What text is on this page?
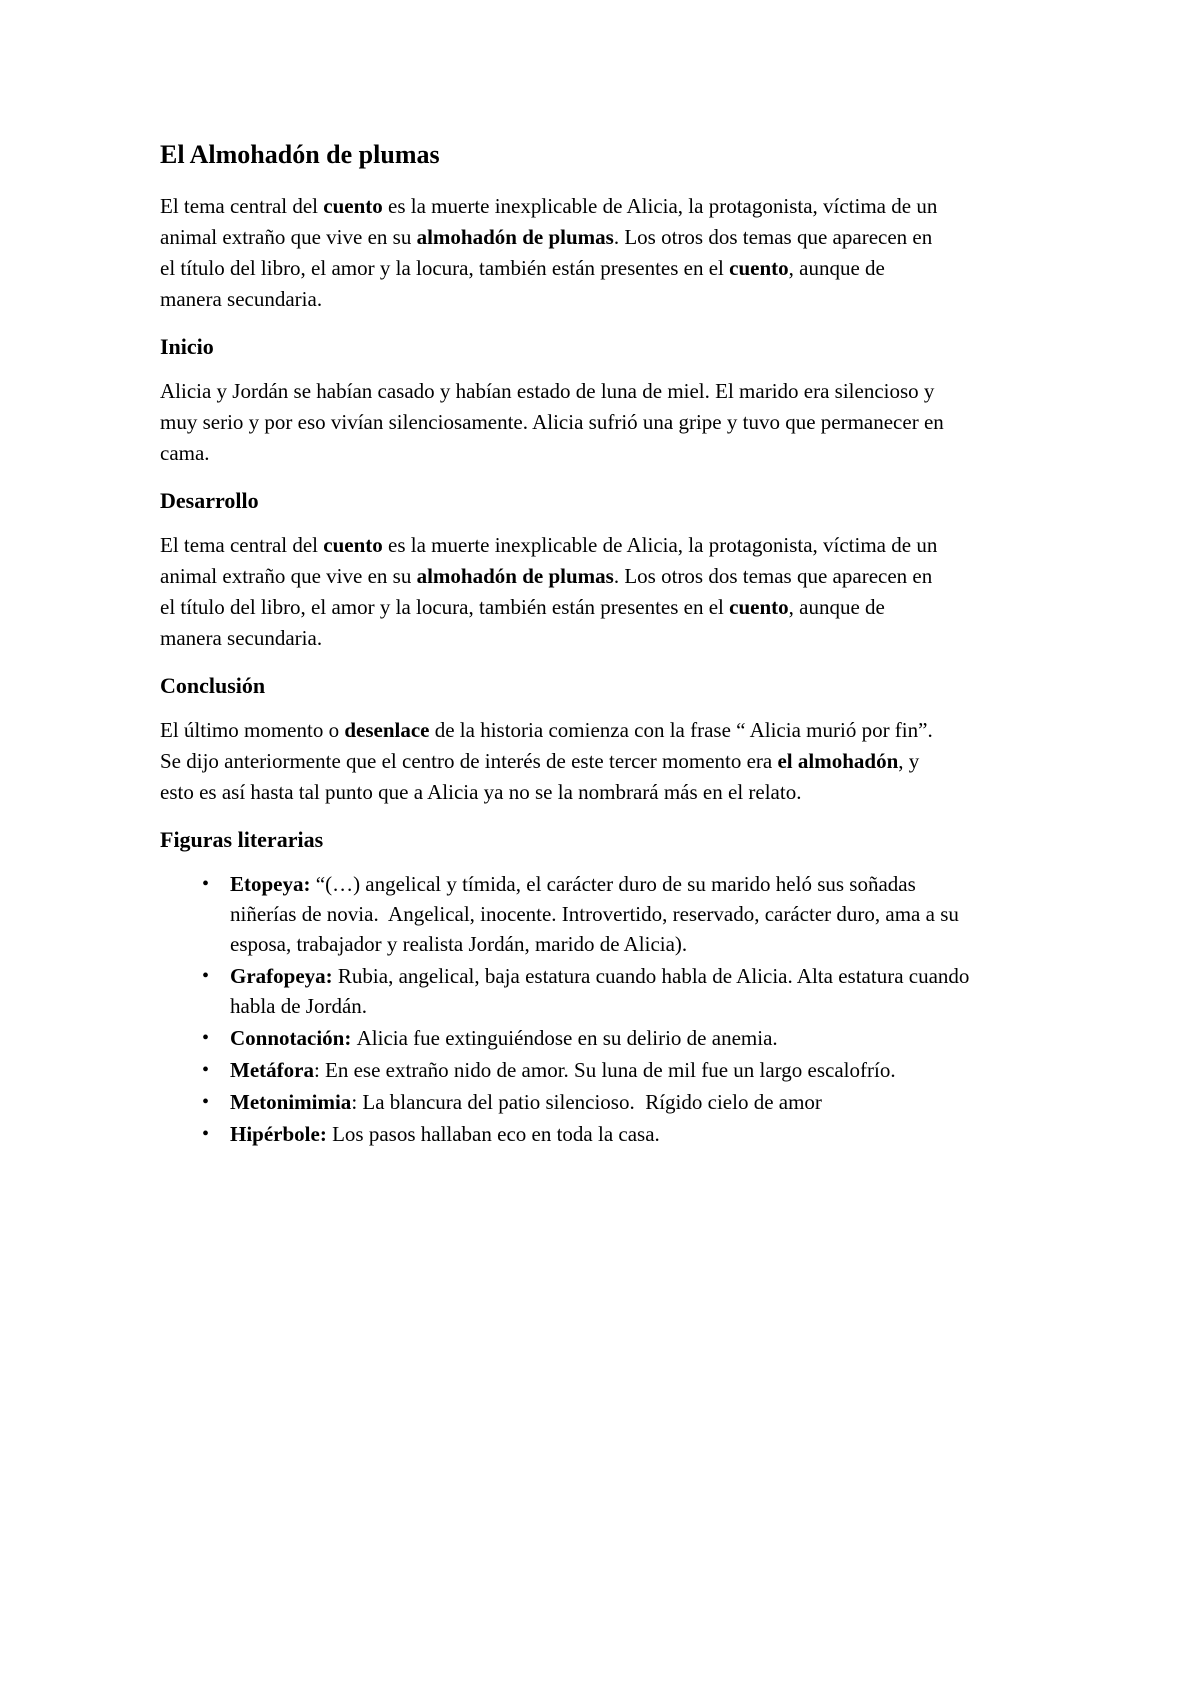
El Almohadón de plumas

El tema central del cuento es la muerte inexplicable de Alicia, la protagonista, víctima de un animal extraño que vive en su almohadón de plumas. Los otros dos temas que aparecen en el título del libro, el amor y la locura, también están presentes en el cuento, aunque de manera secundaria.

Inicio

Alicia y Jordán se habían casado y habían estado de luna de miel. El marido era silencioso y muy serio y por eso vivían silenciosamente. Alicia sufrió una gripe y tuvo que permanecer en cama.

Desarrollo

El tema central del cuento es la muerte inexplicable de Alicia, la protagonista, víctima de un animal extraño que vive en su almohadón de plumas. Los otros dos temas que aparecen en el título del libro, el amor y la locura, también están presentes en el cuento, aunque de manera secundaria.

Conclusión

El último momento o desenlace de la historia comienza con la frase “ Alicia murió por fin”. Se dijo anteriormente que el centro de interés de este tercer momento era el almohadón, y esto es así hasta tal punto que a Alicia ya no se la nombrará más en el relato.

Figuras literarias
• Etopeya: “(…) angelical y tímida, el carácter duro de su marido heló sus soñadas niñerías de novia.  Angelical, inocente. Introvertido, reservado, carácter duro, ama a su esposa, trabajador y realista Jordán, marido de Alicia).
• Grafopeya: Rubia, angelical, baja estatura cuando habla de Alicia. Alta estatura cuando habla de Jordán.
• Connotación: Alicia fue extinguiéndose en su delirio de anemia.
• Metáfora: En ese extraño nido de amor. Su luna de mil fue un largo escalofrío.
• Metonimimia: La blancura del patio silencioso.  Rígido cielo de amor
• Hipérbole: Los pasos hallaban eco en toda la casa.
